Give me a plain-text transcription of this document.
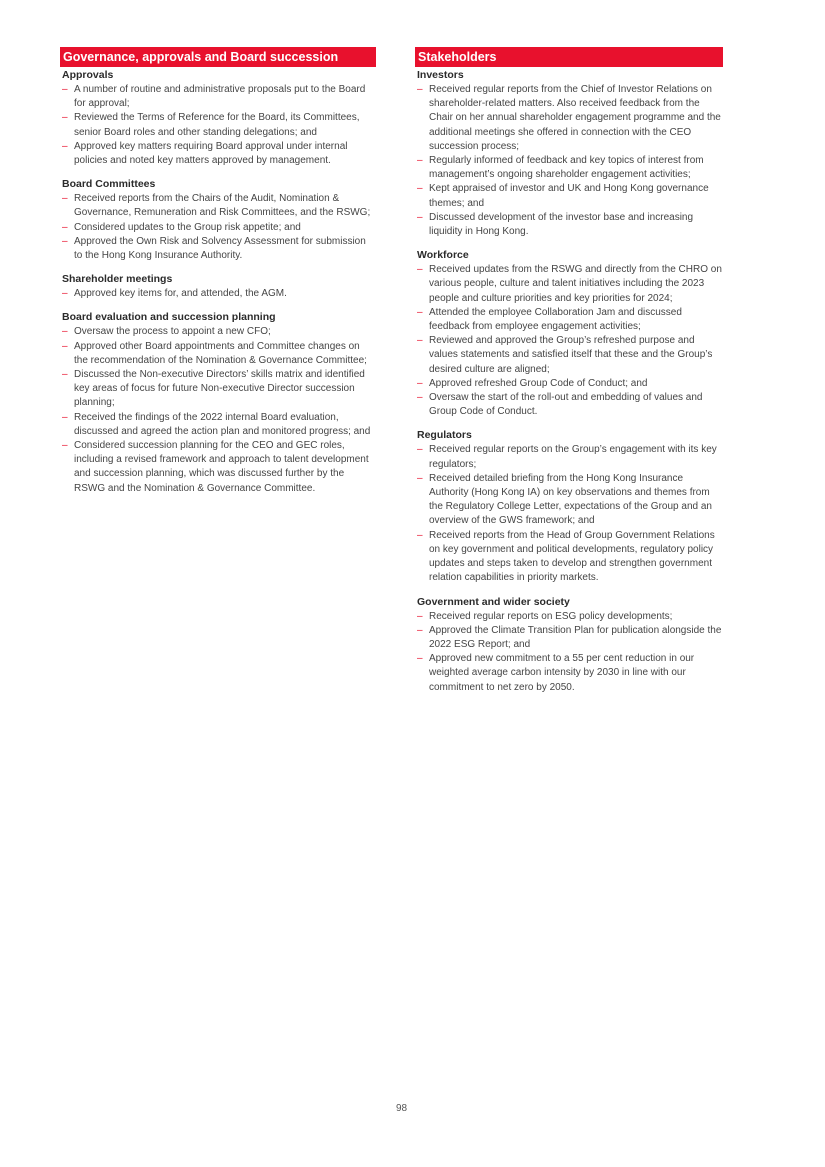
Governance, approvals and Board succession
Approvals
– A number of routine and administrative proposals put to the Board for approval;
– Reviewed the Terms of Reference for the Board, its Committees, senior Board roles and other standing delegations; and
– Approved key matters requiring Board approval under internal policies and noted key matters approved by management.
Board Committees
– Received reports from the Chairs of the Audit, Nomination & Governance, Remuneration and Risk Committees, and the RSWG;
– Considered updates to the Group risk appetite; and
– Approved the Own Risk and Solvency Assessment for submission to the Hong Kong Insurance Authority.
Shareholder meetings
– Approved key items for, and attended, the AGM.
Board evaluation and succession planning
– Oversaw the process to appoint a new CFO;
– Approved other Board appointments and Committee changes on the recommendation of the Nomination & Governance Committee;
– Discussed the Non-executive Directors’ skills matrix and identified key areas of focus for future Non-executive Director succession planning;
– Received the findings of the 2022 internal Board evaluation, discussed and agreed the action plan and monitored progress; and
– Considered succession planning for the CEO and GEC roles, including a revised framework and approach to talent development and succession planning, which was discussed further by the RSWG and the Nomination & Governance Committee.
Stakeholders
Investors
– Received regular reports from the Chief of Investor Relations on shareholder-related matters. Also received feedback from the Chair on her annual shareholder engagement programme and the additional meetings she offered in connection with the CEO succession process;
– Regularly informed of feedback and key topics of interest from management’s ongoing shareholder engagement activities;
– Kept appraised of investor and UK and Hong Kong governance themes; and
– Discussed development of the investor base and increasing liquidity in Hong Kong.
Workforce
– Received updates from the RSWG and directly from the CHRO on various people, culture and talent initiatives including the 2023 people and culture priorities and key priorities for 2024;
– Attended the employee Collaboration Jam and discussed feedback from employee engagement activities;
– Reviewed and approved the Group’s refreshed purpose and values statements and satisfied itself that these and the Group’s desired culture are aligned;
– Approved refreshed Group Code of Conduct; and
– Oversaw the start of the roll-out and embedding of values and Group Code of Conduct.
Regulators
– Received regular reports on the Group’s engagement with its key regulators;
– Received detailed briefing from the Hong Kong Insurance Authority (Hong Kong IA) on key observations and themes from the Regulatory College Letter, expectations of the Group and an overview of the GWS framework; and
– Received reports from the Head of Group Government Relations on key government and political developments, regulatory policy updates and steps taken to develop and strengthen government relation capabilities in priority markets.
Government and wider society
– Received regular reports on ESG policy developments;
– Approved the Climate Transition Plan for publication alongside the 2022 ESG Report; and
– Approved new commitment to a 55 per cent reduction in our weighted average carbon intensity by 2030 in line with our commitment to net zero by 2050.
98
